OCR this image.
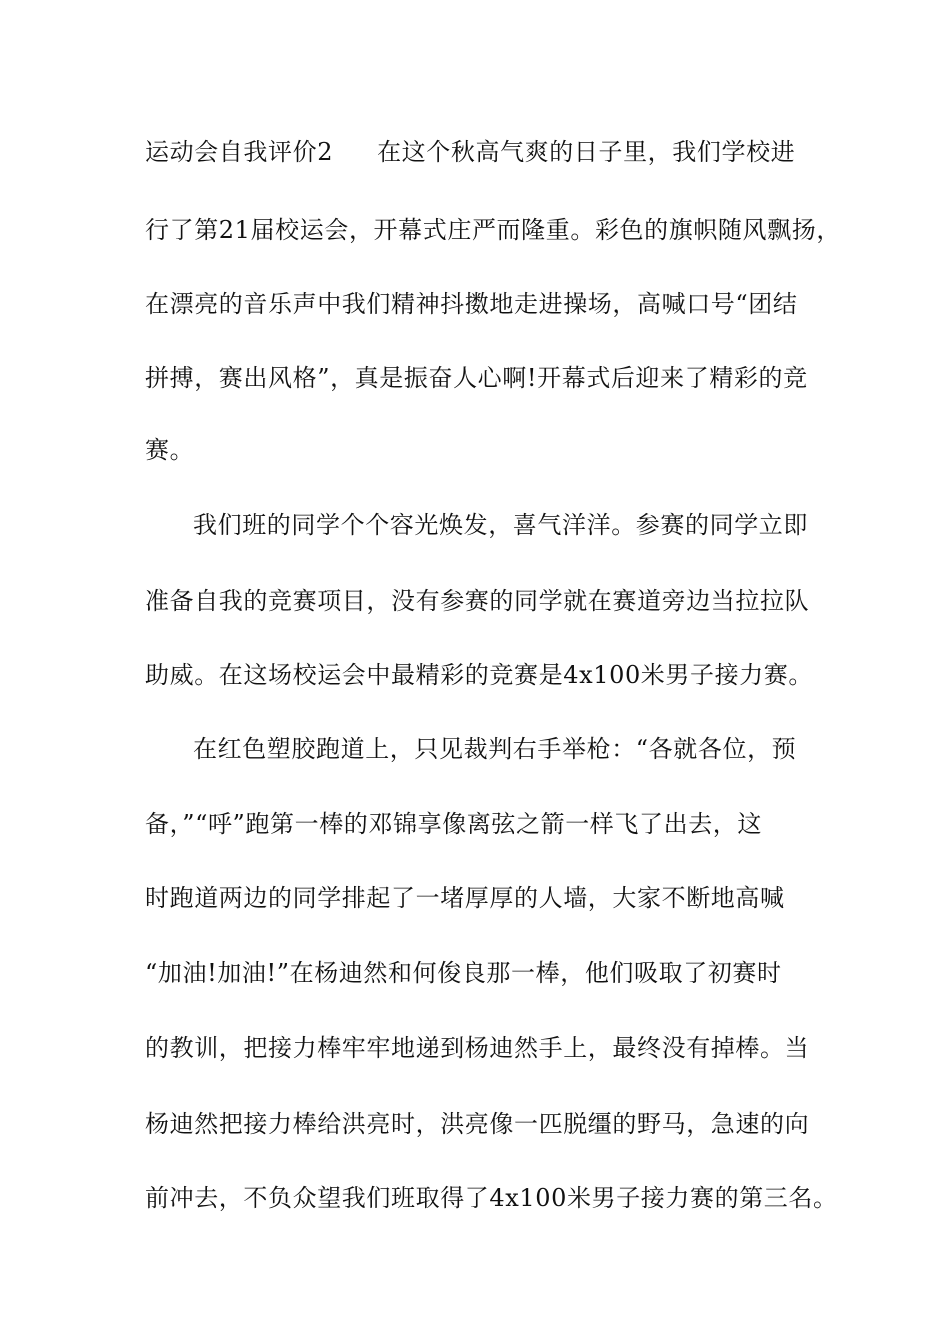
运动会自我评价2 在这个秋高气爽的日子里，我们学校进
行了第21届校运会，开幕式庄严而隆重。彩色的旗帜随风飘扬，
在漂亮的音乐声中我们精神抖擞地走进操场，高喊口号“团结
拼搏，赛出风格”，真是振奋人心啊!开幕式后迎来了精彩的竞
赛。
我们班的同学个个容光焕发，喜气洋洋。参赛的同学立即
准备自我的竞赛项目，没有参赛的同学就在赛道旁边当拉拉队
助威。在这场校运会中最精彩的竞赛是4x100米男子接力赛。
在红色塑胶跑道上，只见裁判右手举枪：“各就各位，预
备，”“呼”跑第一棒的邓锦享像离弦之箭一样飞了出去，这
时跑道两边的同学排起了一堵厚厚的人墙，大家不断地高喊
“加油!加油!”在杨迪然和何俊良那一棒，他们吸取了初赛时
的教训，把接力棒牢牢地递到杨迪然手上，最终没有掉棒。当
杨迪然把接力棒给洪亮时，洪亮像一匹脱缰的野马，急速的向
前冲去，不负众望我们班取得了4x100米男子接力赛的第三名。
